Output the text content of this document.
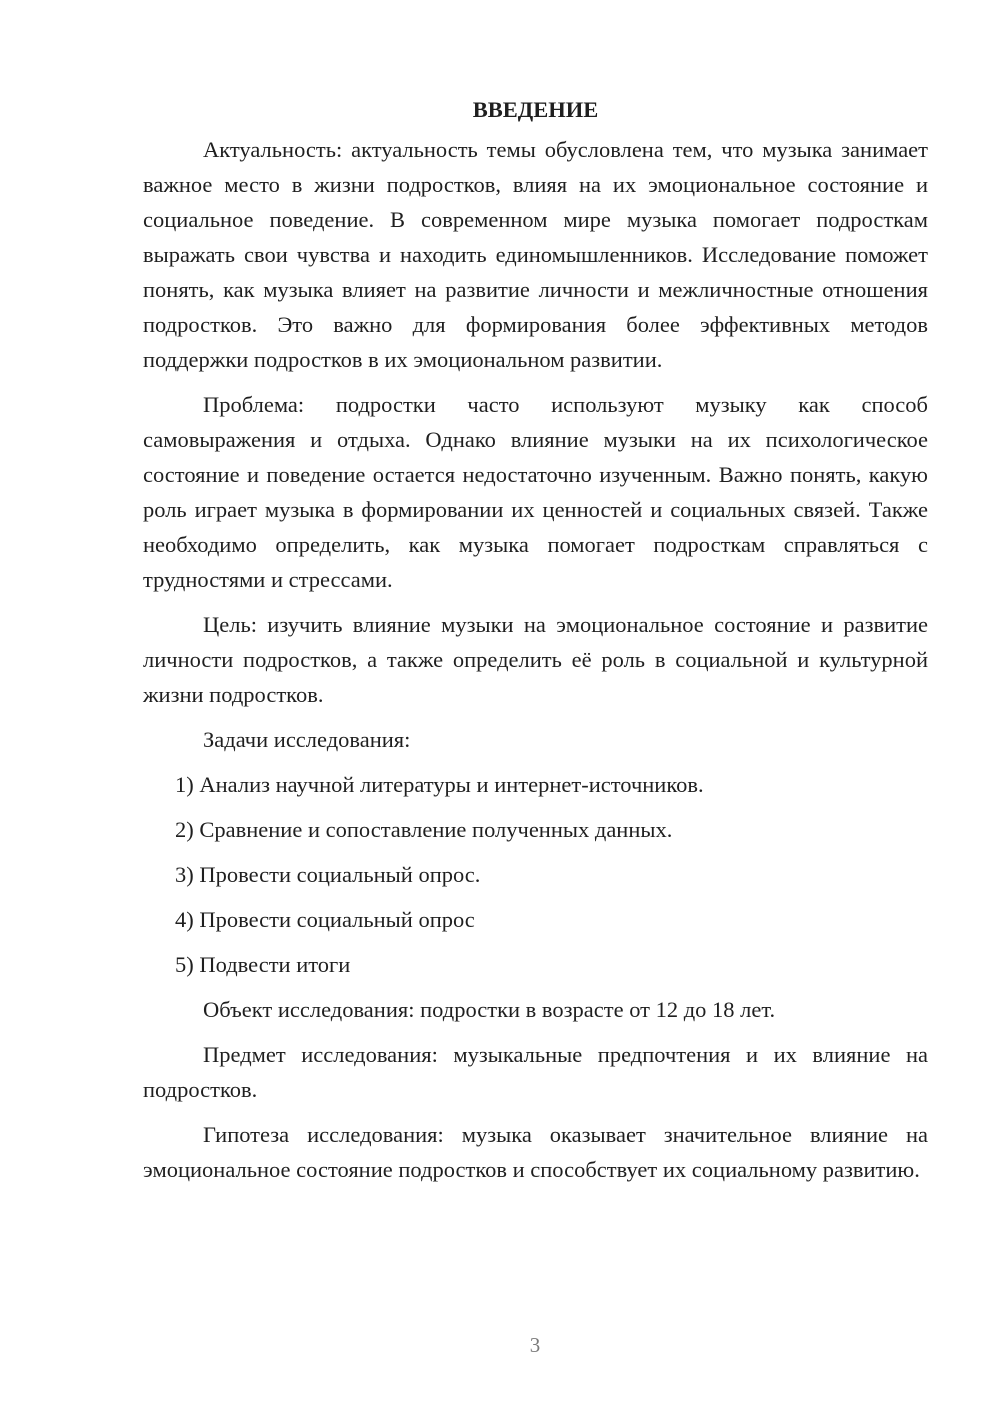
ВВЕДЕНИЕ

Актуальность: актуальность темы обусловлена тем, что музыка занимает важное место в жизни подростков, влияя на их эмоциональное состояние и социальное поведение. В современном мире музыка помогает подросткам выражать свои чувства и находить единомышленников. Исследование поможет понять, как музыка влияет на развитие личности и межличностные отношения подростков. Это важно для формирования более эффективных методов поддержки подростков в их эмоциональном развитии.

Проблема: подростки часто используют музыку как способ самовыражения и отдыха. Однако влияние музыки на их психологическое состояние и поведение остается недостаточно изученным. Важно понять, какую роль играет музыка в формировании их ценностей и социальных связей. Также необходимо определить, как музыка помогает подросткам справляться с трудностями и стрессами.

Цель: изучить влияние музыки на эмоциональное состояние и развитие личности подростков, а также определить её роль в социальной и культурной жизни подростков.

Задачи исследования:
1) Анализ научной литературы и интернет-источников.
2) Сравнение и сопоставление полученных данных.
3) Провести социальный опрос.
4) Провести социальный опрос
5) Подвести итоги

Объект исследования: подростки в возрасте от 12 до 18 лет.

Предмет исследования: музыкальные предпочтения и их влияние на подростков.

Гипотеза исследования: музыка оказывает значительное влияние на эмоциональное состояние подростков и способствует их социальному развитию.

3
